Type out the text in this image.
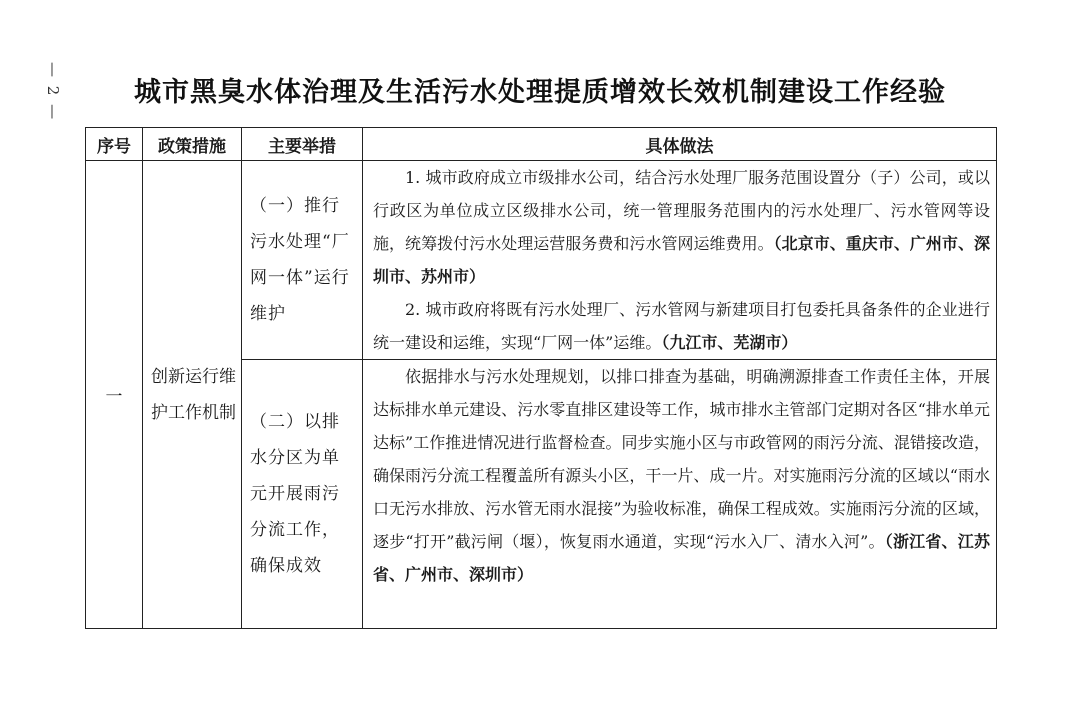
— 2 —	城市黑臭水体治理及生活污水处理提质增效长效机制建设工作经验
序号	政策措施	主要举措	具体做法
一	创新运行维护工作机制	（一）推行污水处理“厂网一体”运行维护	1. 城市政府成立市级排水公司，结合污水处理厂服务范围设置分（子）公司，或以行政区为单位成立区级排水公司，统一管理服务范围内的污水处理厂、污水管网等设施，统筹拨付污水处理运营服务费和污水管网运维费用。（北京市、重庆市、广州市、深圳市、苏州市）
2. 城市政府将既有污水处理厂、污水管网与新建项目打包委托具备条件的企业进行统一建设和运维，实现“厂网一体”运维。（九江市、芜湖市）

		（二）以排水分区为单元开展雨污分流工作，确保成效	依据排水与污水处理规划，以排口排查为基础，明确溯源排查工作责任主体，开展达标排水单元建设、污水零直排区建设等工作，城市排水主管部门定期对各区“排水单元达标”工作推进情况进行监督检查。同步实施小区与市政管网的雨污分流、混错接改造，确保雨污分流工程覆盖所有源头小区，干一片、成一片。对实施雨污分流的区域以“雨水口无污水排放、污水管无雨水混接”为验收标准，确保工程成效。实施雨污分流的区域，逐步“打开”截污闸（堰），恢复雨水通道，实现“污水入厂、清水入河”。（浙江省、江苏省、广州市、深圳市）
